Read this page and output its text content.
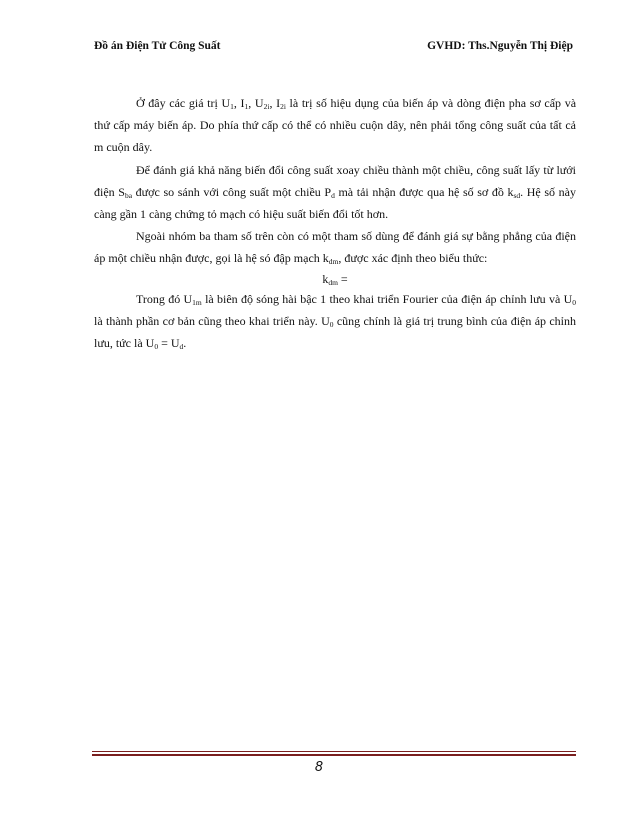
Đồ án Điện Tử Công Suất	GVHD: Ths.Nguyễn Thị Điệp

Ở đây các giá trị $U_1$, $I_1$, $U_{2i}$, $I_{2i}$ là trị số hiệu dụng của biến áp và dòng điện pha sơ cấp và thứ cấp máy biến áp. Do phía thứ cấp có thể có nhiều cuộn dây, nên phải tổng công suất của tất cả m cuộn dây.

Để đánh giá khả năng biến đổi công suất xoay chiều thành một chiều, công suất lấy từ lưới điện $S_{ba}$ được so sánh với công suất một chiều $P_d$ mà tải nhận được qua hệ số sơ đồ $k_{sd}$. Hệ số này càng gần 1 càng chứng tỏ mạch có hiệu suất biến đổi tốt hơn.

Ngoài nhóm ba tham số trên còn có một tham số dùng để đánh giá sự bằng phẳng của điện áp một chiều nhận được, gọi là hệ só đập mạch $k_{dm}$, được xác định theo biểu thức:

$k_{dm}$ =

Trong đó $U_{1m}$ là biên độ sóng hài bậc 1 theo khai triển Fourier của điện áp chỉnh lưu và $U_0$ là thành phần cơ bản cũng theo khai triển này. $U_0$ cũng chính là giá trị trung bình của điện áp chỉnh lưu, tức là $U_0 = U_d$.

8
